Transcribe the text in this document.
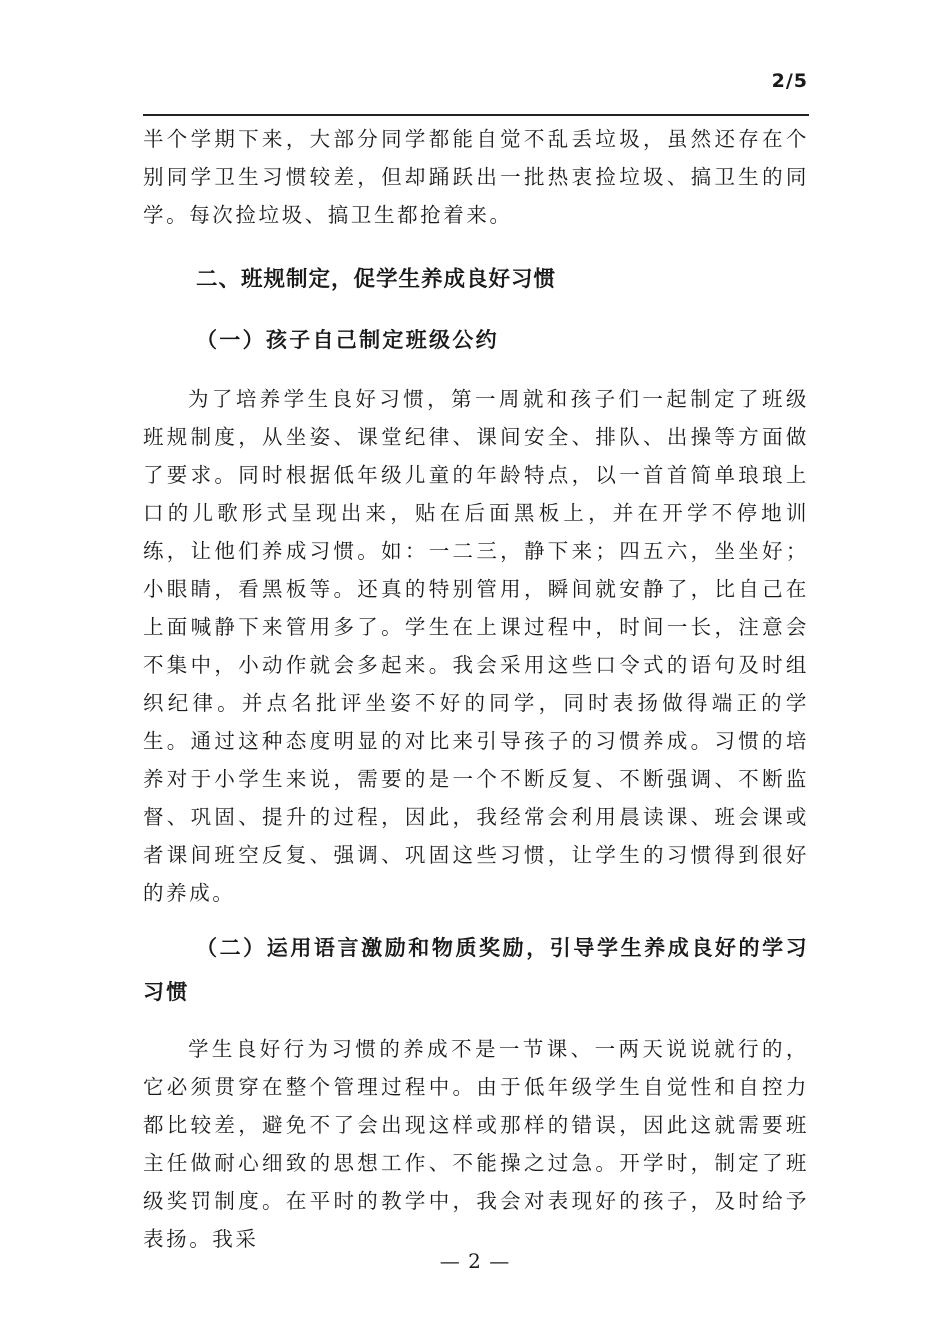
2/5

半个学期下来，大部分同学都能自觉不乱丢垃圾，虽然还存在个别同学卫生习惯较差，但却踊跃出一批热衷捡垃圾、搞卫生的同学。每次捡垃圾、搞卫生都抢着来。

二、班规制定，促学生养成良好习惯

（一）孩子自己制定班级公约

为了培养学生良好习惯，第一周就和孩子们一起制定了班级班规制度，从坐姿、课堂纪律、课间安全、排队、出操等方面做了要求。同时根据低年级儿童的年龄特点，以一首首简单琅琅上口的儿歌形式呈现出来，贴在后面黑板上，并在开学不停地训练，让他们养成习惯。如：一二三，静下来；四五六，坐坐好；小眼睛，看黑板等。还真的特别管用，瞬间就安静了，比自己在上面喊静下来管用多了。学生在上课过程中，时间一长，注意会不集中，小动作就会多起来。我会采用这些口令式的语句及时组织纪律。并点名批评坐姿不好的同学，同时表扬做得端正的学生。通过这种态度明显的对比来引导孩子的习惯养成。习惯的培养对于小学生来说，需要的是一个不断反复、不断强调、不断监督、巩固、提升的过程，因此，我经常会利用晨读课、班会课或者课间班空反复、强调、巩固这些习惯，让学生的习惯得到很好的养成。

（二）运用语言激励和物质奖励，引导学生养成良好的学习习惯

学生良好行为习惯的养成不是一节课、一两天说说就行的，它必须贯穿在整个管理过程中。由于低年级学生自觉性和自控力都比较差，避免不了会出现这样或那样的错误，因此这就需要班主任做耐心细致的思想工作、不能操之过急。开学时，制定了班级奖罚制度。在平时的教学中，我会对表现好的孩子，及时给予表扬。我采

— 2 —
